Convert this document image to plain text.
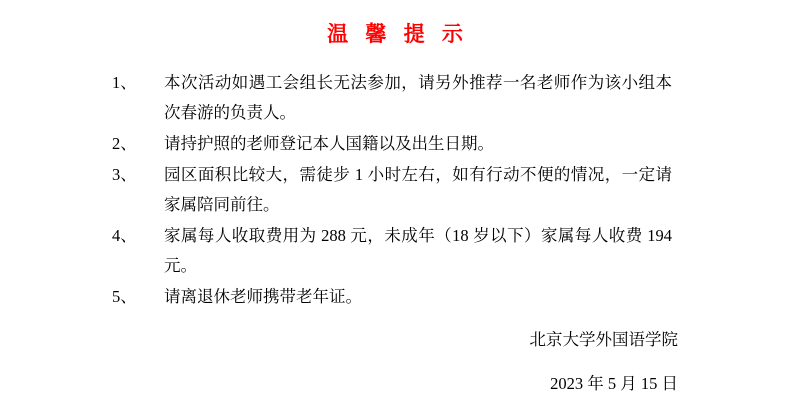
温 馨 提 示
1、	本次活动如遇工会组长无法参加，请另外推荐一名老师作为该小组本次春游的负责人。
2、	请持护照的老师登记本人国籍以及出生日期。
3、	园区面积比较大，需徒步 1 小时左右，如有行动不便的情况，一定请家属陪同前往。
4、	家属每人收取费用为 288 元，未成年（18 岁以下）家属每人收费 194 元。
5、	请离退休老师携带老年证。
北京大学外国语学院
2023 年 5 月 15 日
